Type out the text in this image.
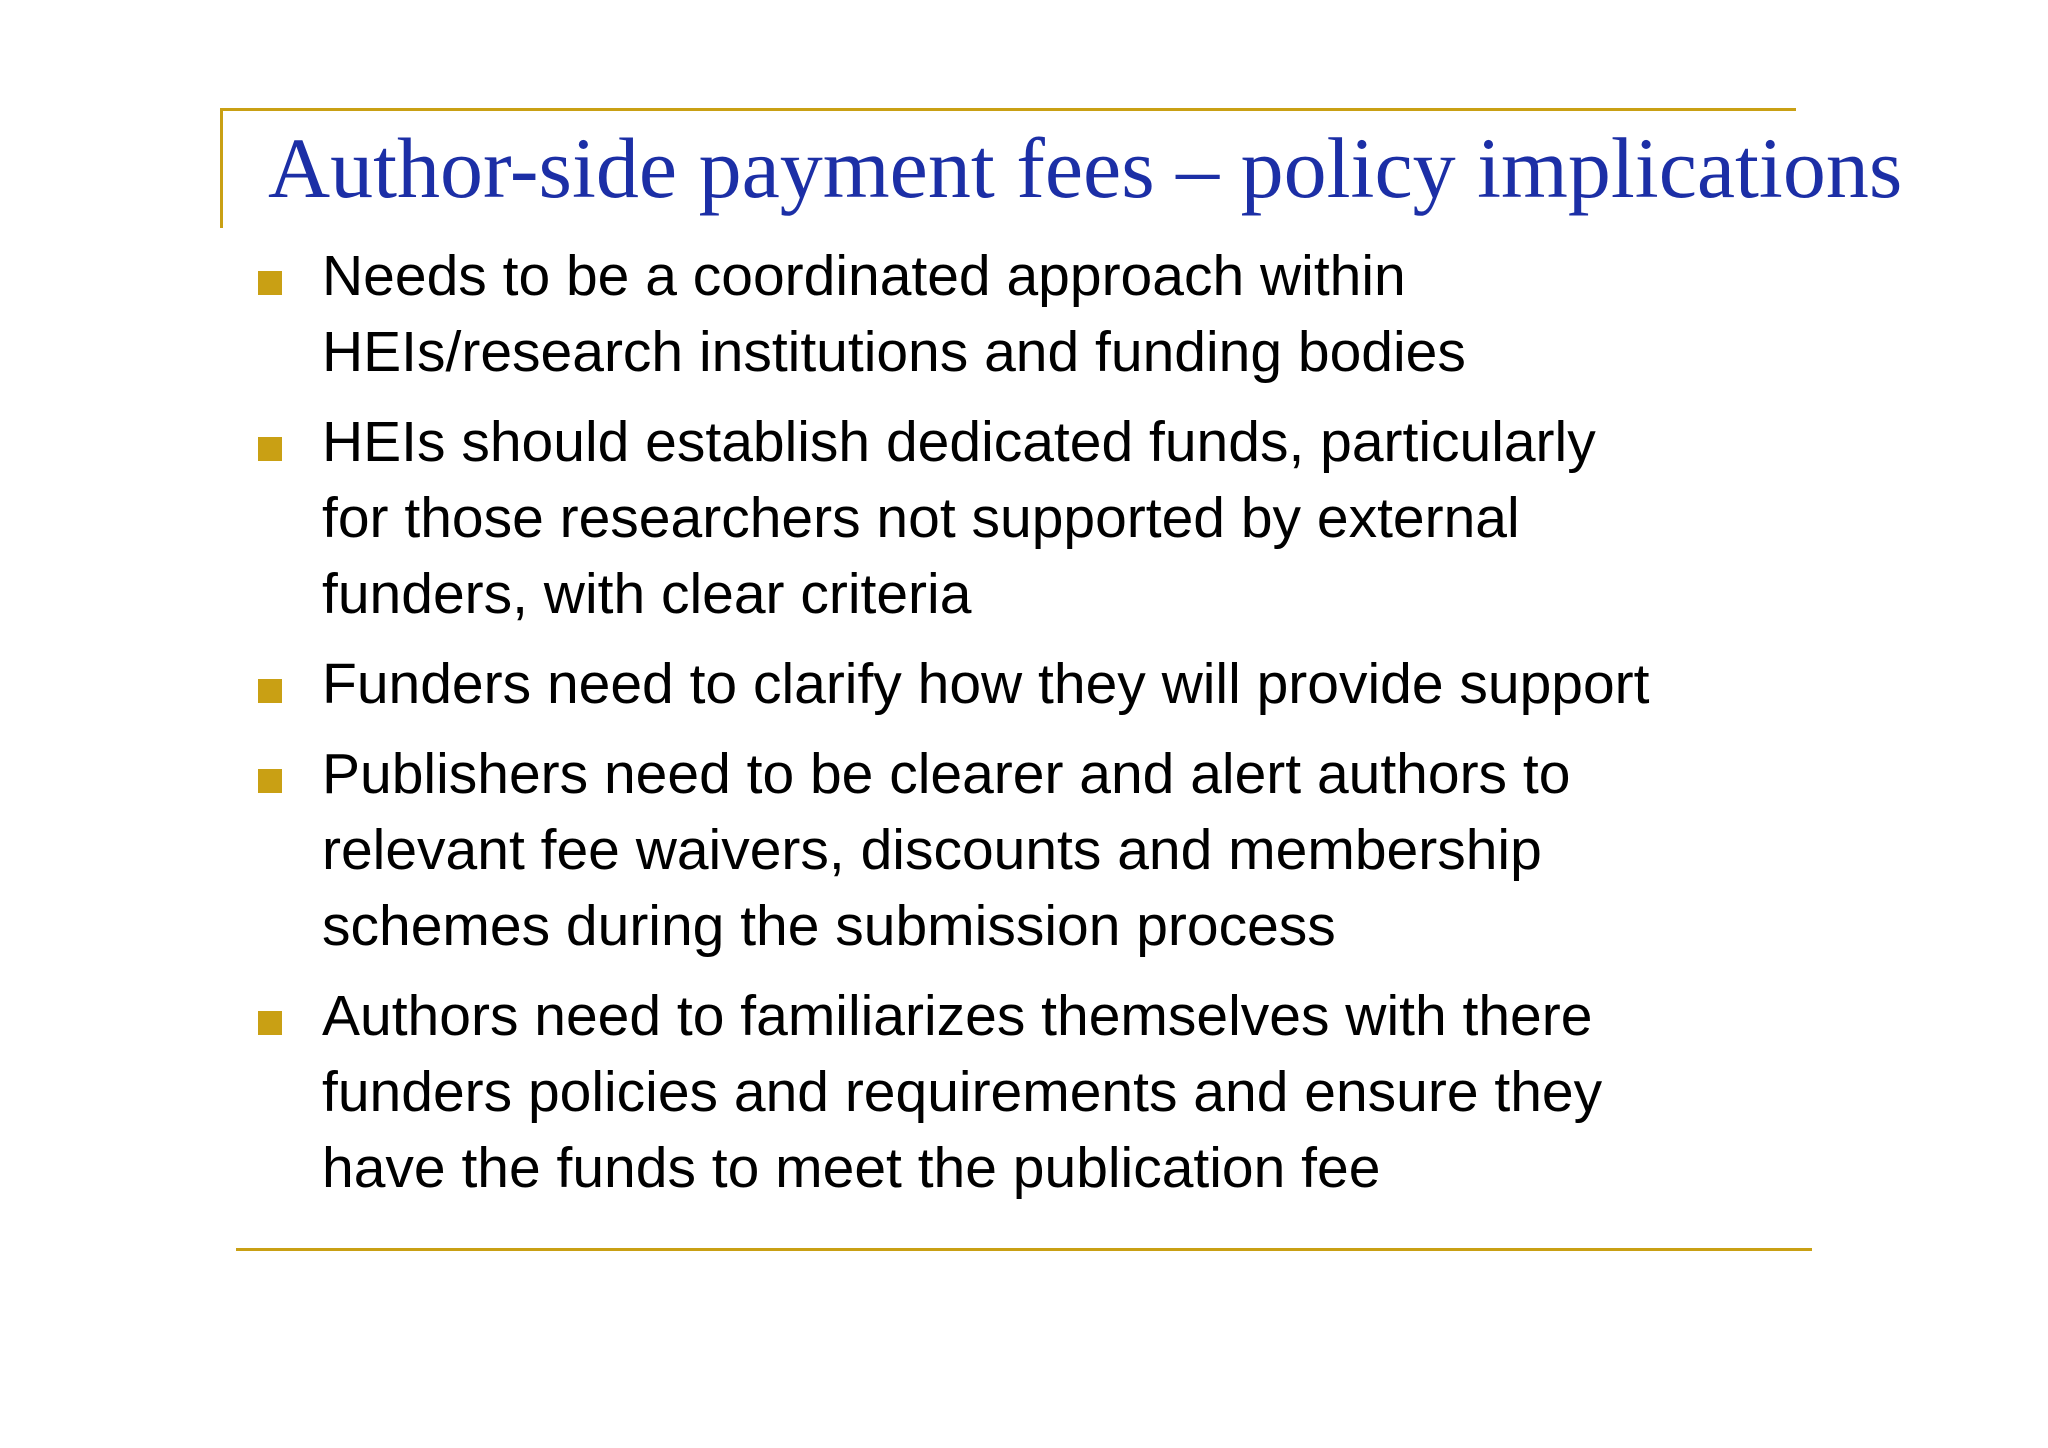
Author-side payment fees – policy implications
Needs to be a coordinated approach within
HEIs/research institutions and funding bodies
HEIs should establish dedicated funds, particularly
for those researchers not supported by external
funders, with clear criteria
Funders need to clarify how they will provide support
Publishers need to be clearer and alert authors to
relevant fee waivers, discounts and membership
schemes during the submission process
Authors need to familiarizes themselves with there
funders policies and requirements and ensure they
have the funds to meet the publication fee
